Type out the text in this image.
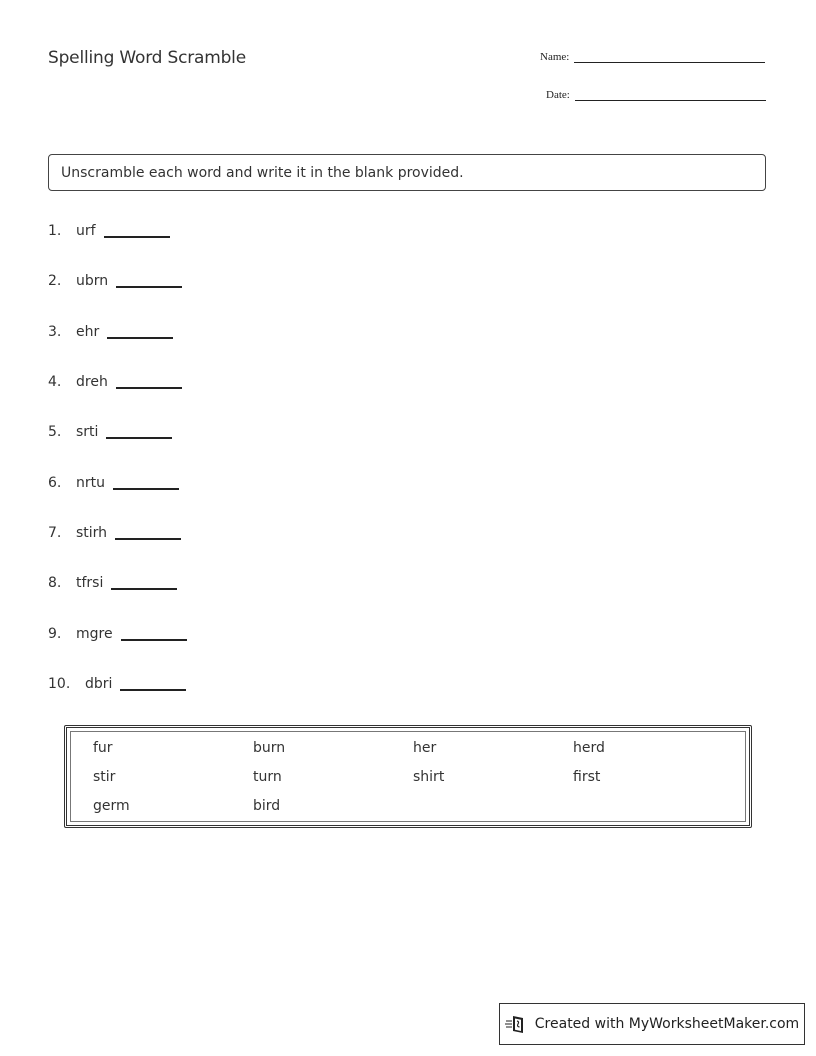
Spelling Word Scramble	Name:
Date:
Unscramble each word and write it in the blank provided.
1.	urf
2.	ubrn
3.	ehr
4.	dreh
5.	srti
6.	nrtu
7.	stirh
8.	tfrsi
9.	mgre
10.	dbri
fur	burn	her	herd
stir	turn	shirt	first
germ	bird
Created with MyWorksheetMaker.com
